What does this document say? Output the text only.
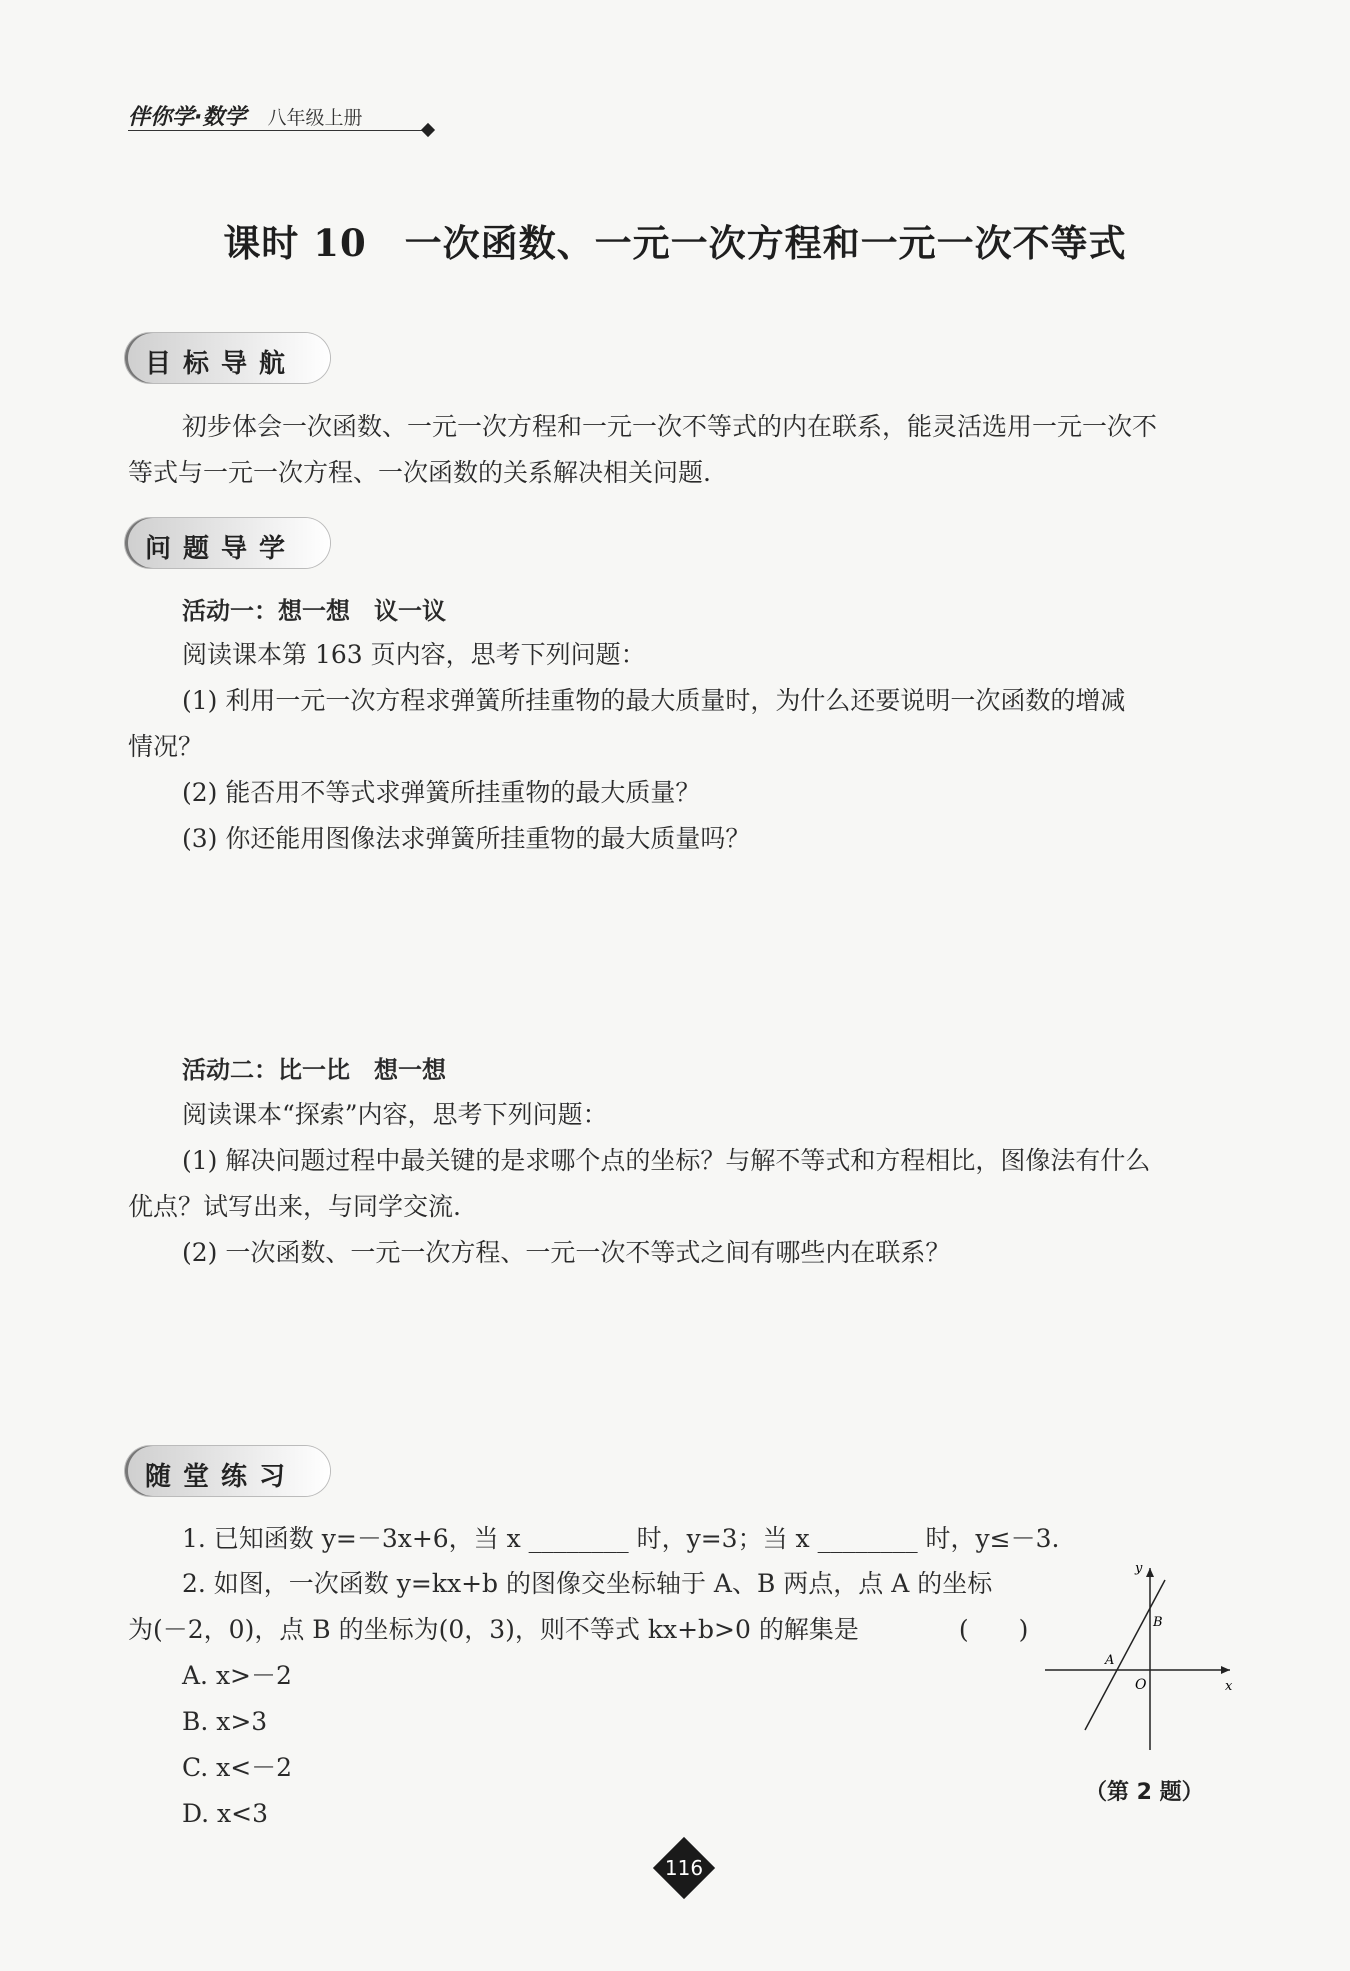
伴你学·数学 八年级上册
课时 10　一次函数、一元一次方程和一元一次不等式
目标导航
初步体会一次函数、一元一次方程和一元一次不等式的内在联系，能灵活选用一元一次不
等式与一元一次方程、一次函数的关系解决相关问题.
问题导学
活动一：想一想　议一议
阅读课本第 163 页内容，思考下列问题：
(1) 利用一元一次方程求弹簧所挂重物的最大质量时，为什么还要说明一次函数的增减
情况？
(2) 能否用不等式求弹簧所挂重物的最大质量？
(3) 你还能用图像法求弹簧所挂重物的最大质量吗？
活动二：比一比　想一想
阅读课本“探索”内容，思考下列问题：
(1) 解决问题过程中最关键的是求哪个点的坐标？与解不等式和方程相比，图像法有什么
优点？试写出来，与同学交流.
(2) 一次函数、一元一次方程、一元一次不等式之间有哪些内在联系？
随堂练习
1. 已知函数 y=－3x+6，当 x ________ 时，y=3；当 x ________ 时，y≤－3.
2. 如图，一次函数 y=kx+b 的图像交坐标轴于 A、B 两点，点 A 的坐标
为(－2，0)，点 B 的坐标为(0，3)，则不等式 kx+b>0 的解集是　　　　(　　)
A. x>－2
B. x>3
C. x<－2
D. x<3
x
y
O
A
B
（第 2 题）
116
